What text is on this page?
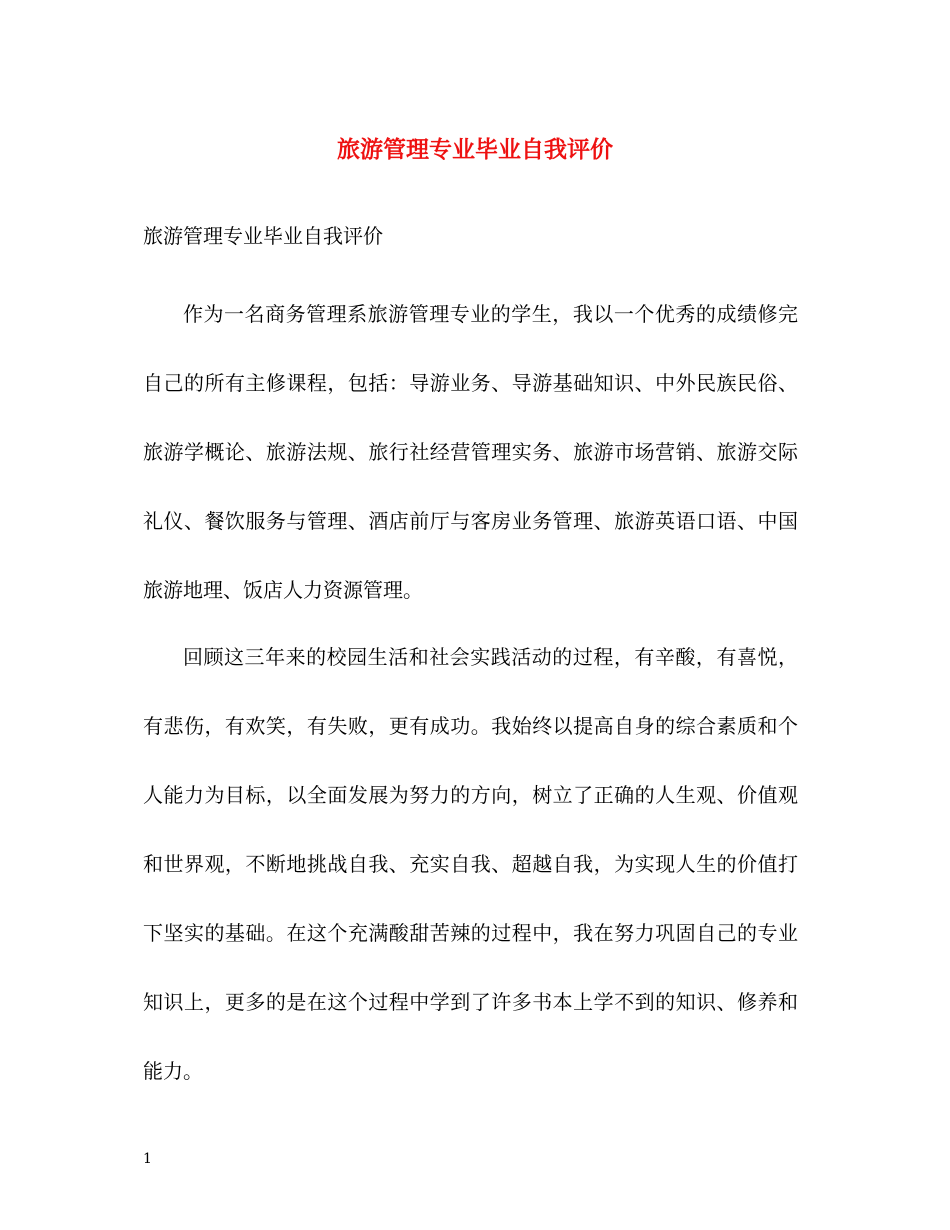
旅游管理专业毕业自我评价

旅游管理专业毕业自我评价

作为一名商务管理系旅游管理专业的学生，我以一个优秀的成绩修完自己的所有主修课程，包括：导游业务、导游基础知识、中外民族民俗、旅游学概论、旅游法规、旅行社经营管理实务、旅游市场营销、旅游交际礼仪、餐饮服务与管理、酒店前厅与客房业务管理、旅游英语口语、中国旅游地理、饭店人力资源管理。

回顾这三年来的校园生活和社会实践活动的过程，有辛酸，有喜悦，有悲伤，有欢笑，有失败，更有成功。我始终以提高自身的综合素质和个人能力为目标，以全面发展为努力的方向，树立了正确的人生观、价值观和世界观，不断地挑战自我、充实自我、超越自我，为实现人生的价值打下坚实的基础。在这个充满酸甜苦辣的过程中，我在努力巩固自己的专业知识上，更多的是在这个过程中学到了许多书本上学不到的知识、修养和能力。

1
